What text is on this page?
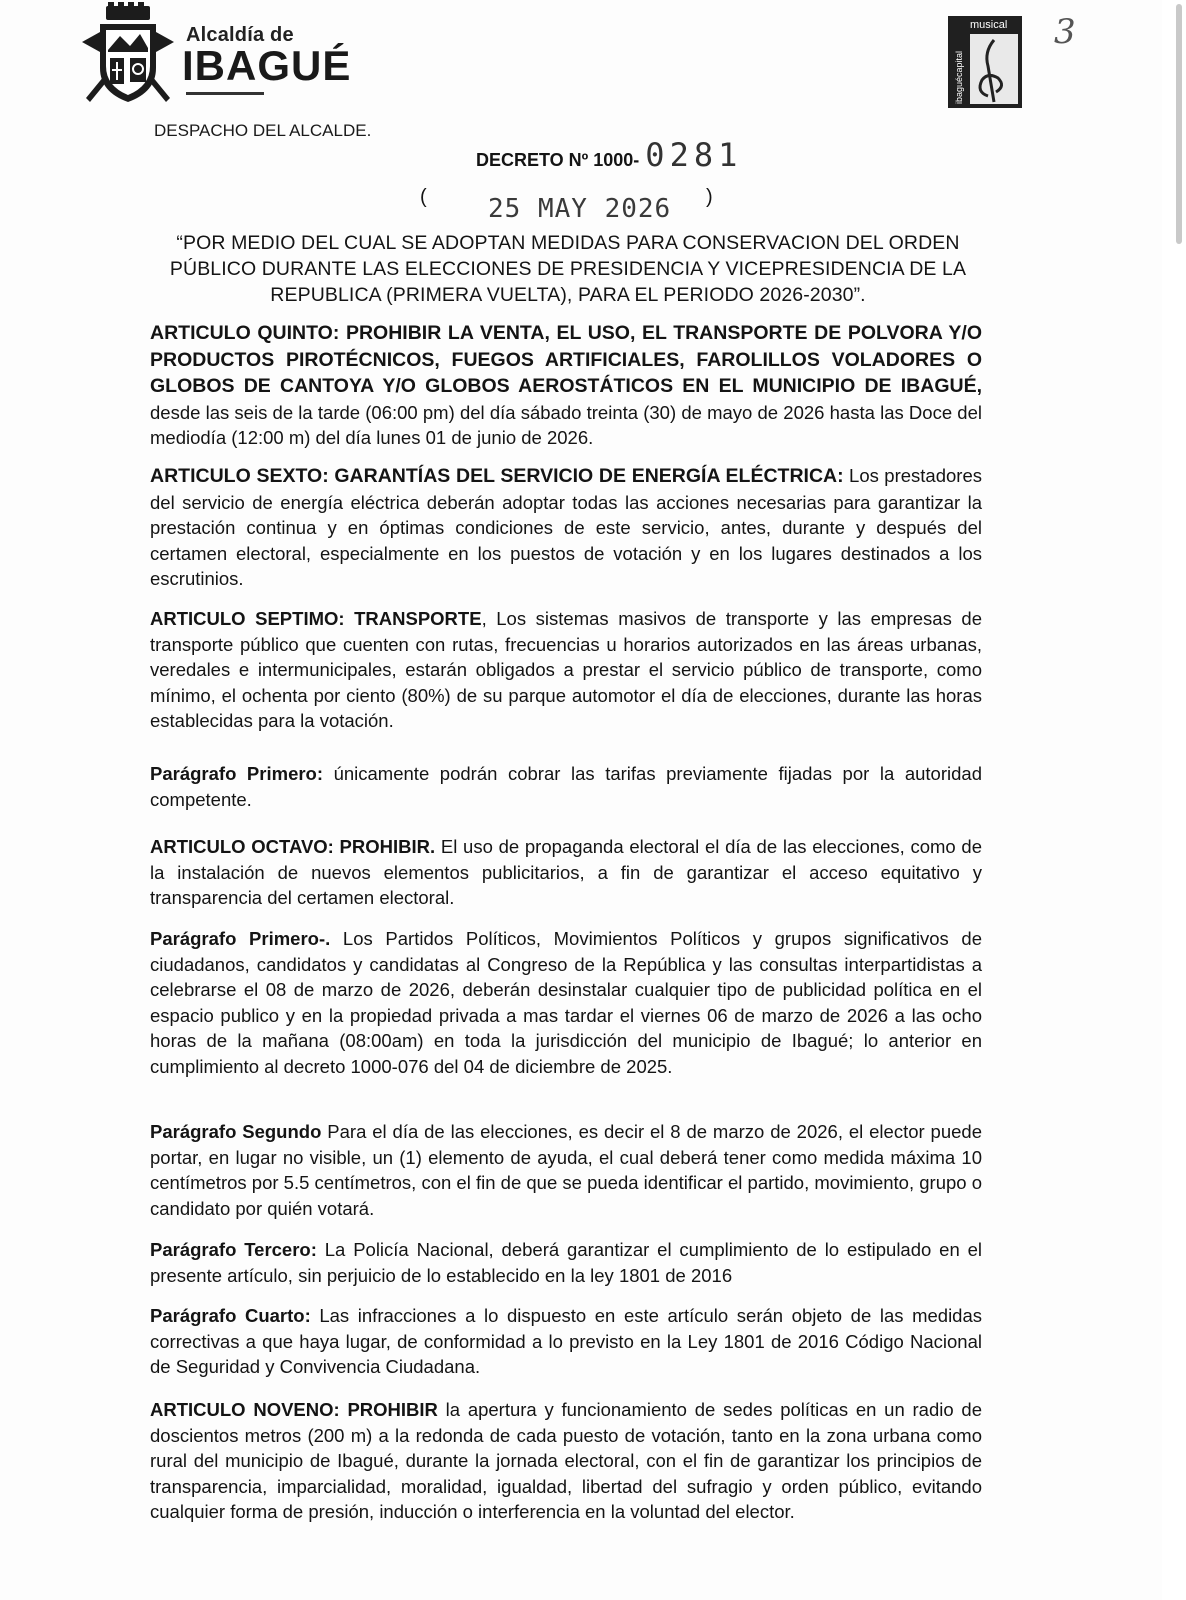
Alcaldía de
IBAGUÉ
musical
ibaguécapital
3
DESPACHO DEL ALCALDE.
DECRETO Nº 1000- 0281
( 25 MAY 2026 )
“POR MEDIO DEL CUAL SE ADOPTAN MEDIDAS PARA CONSERVACION DEL ORDEN PÚBLICO DURANTE LAS ELECCIONES DE PRESIDENCIA Y VICEPRESIDENCIA DE LA REPUBLICA (PRIMERA VUELTA), PARA EL PERIODO 2026-2030”.
ARTICULO QUINTO: PROHIBIR LA VENTA, EL USO, EL TRANSPORTE DE POLVORA Y/O PRODUCTOS PIROTÉCNICOS, FUEGOS ARTIFICIALES, FAROLILLOS VOLADORES O GLOBOS DE CANTOYA Y/O GLOBOS AEROSTÁTICOS EN EL MUNICIPIO DE IBAGUÉ, desde las seis de la tarde (06:00 pm) del día sábado treinta (30) de mayo de 2026 hasta las Doce del mediodía (12:00 m) del día lunes 01 de junio de 2026.
ARTICULO SEXTO: GARANTÍAS DEL SERVICIO DE ENERGÍA ELÉCTRICA: Los prestadores del servicio de energía eléctrica deberán adoptar todas las acciones necesarias para garantizar la prestación continua y en óptimas condiciones de este servicio, antes, durante y después del certamen electoral, especialmente en los puestos de votación y en los lugares destinados a los escrutinios.
ARTICULO SEPTIMO: TRANSPORTE, Los sistemas masivos de transporte y las empresas de transporte público que cuenten con rutas, frecuencias u horarios autorizados en las áreas urbanas, veredales e intermunicipales, estarán obligados a prestar el servicio público de transporte, como mínimo, el ochenta por ciento (80%) de su parque automotor el día de elecciones, durante las horas establecidas para la votación.
Parágrafo Primero: únicamente podrán cobrar las tarifas previamente fijadas por la autoridad competente.
ARTICULO OCTAVO: PROHIBIR. El uso de propaganda electoral el día de las elecciones, como de la instalación de nuevos elementos publicitarios, a fin de garantizar el acceso equitativo y transparencia del certamen electoral.
Parágrafo Primero-. Los Partidos Políticos, Movimientos Políticos y grupos significativos de ciudadanos, candidatos y candidatas al Congreso de la República y las consultas interpartidistas a celebrarse el 08 de marzo de 2026, deberán desinstalar cualquier tipo de publicidad política en el espacio publico y en la propiedad privada a mas tardar el viernes 06 de marzo de 2026 a las ocho horas de la mañana (08:00am) en toda la jurisdicción del municipio de Ibagué; lo anterior en cumplimiento al decreto 1000-076 del 04 de diciembre de 2025.
Parágrafo Segundo Para el día de las elecciones, es decir el 8 de marzo de 2026, el elector puede portar, en lugar no visible, un (1) elemento de ayuda, el cual deberá tener como medida máxima 10 centímetros por 5.5 centímetros, con el fin de que se pueda identificar el partido, movimiento, grupo o candidato por quién votará.
Parágrafo Tercero: La Policía Nacional, deberá garantizar el cumplimiento de lo estipulado en el presente artículo, sin perjuicio de lo establecido en la ley 1801 de 2016
Parágrafo Cuarto: Las infracciones a lo dispuesto en este artículo serán objeto de las medidas correctivas a que haya lugar, de conformidad a lo previsto en la Ley 1801 de 2016 Código Nacional de Seguridad y Convivencia Ciudadana.
ARTICULO NOVENO: PROHIBIR la apertura y funcionamiento de sedes políticas en un radio de doscientos metros (200 m) a la redonda de cada puesto de votación, tanto en la zona urbana como rural del municipio de Ibagué, durante la jornada electoral, con el fin de garantizar los principios de transparencia, imparcialidad, moralidad, igualdad, libertad del sufragio y orden público, evitando cualquier forma de presión, inducción o interferencia en la voluntad del elector.
